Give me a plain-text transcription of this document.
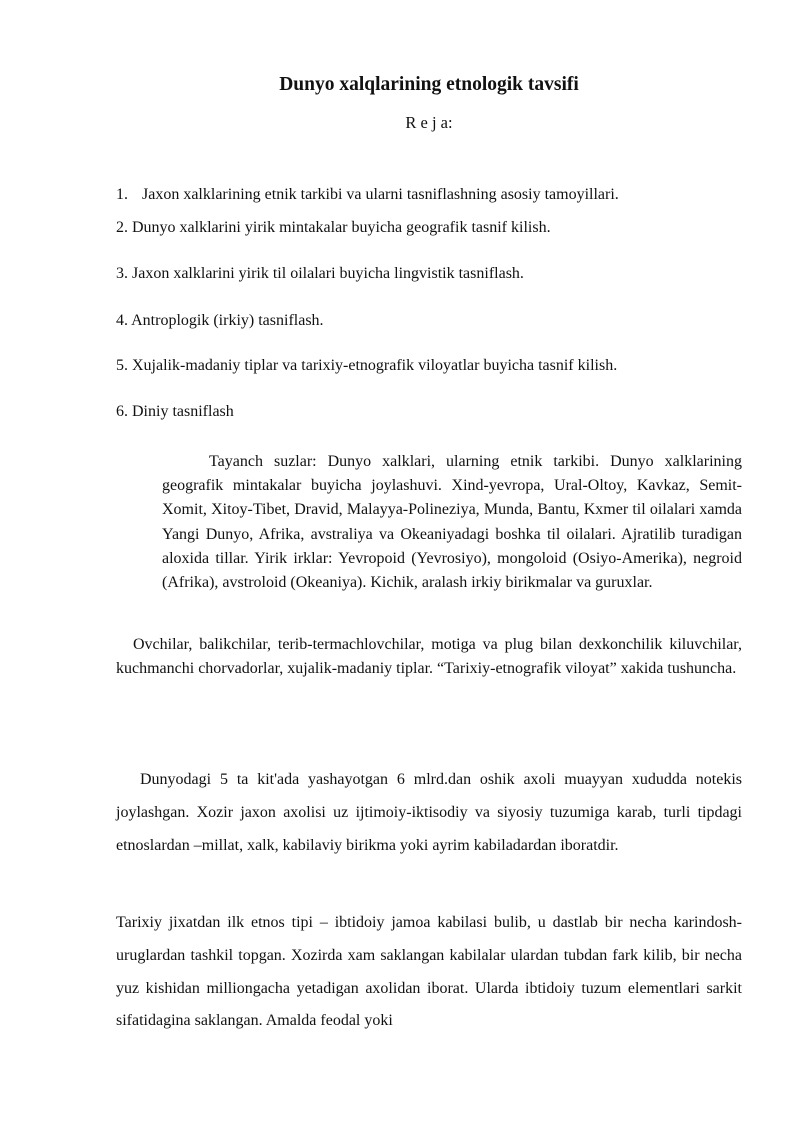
Dunyo xalqlarining etnologik tavsifi
R e j a:
1. Jaxon xalklarining etnik tarkibi va ularni tasniflashning asosiy tamoyillari.
2. Dunyo xalklarini yirik mintakalar buyicha geografik tasnif kilish.
3. Jaxon xalklarini yirik til oilalari buyicha lingvistik tasniflash.
4. Antroplogik (irkiy) tasniflash.
5. Xujalik-madaniy tiplar va tarixiy-etnografik viloyatlar buyicha tasnif kilish.
6. Diniy tasniflash
Tayanch suzlar: Dunyo xalklari, ularning etnik tarkibi. Dunyo xalklarining geografik mintakalar buyicha joylashuvi. Xind-yevropa, Ural-Oltoy, Kavkaz, Semit-Xomit, Xitoy-Tibet, Dravid, Malayya-Polineziya, Munda, Bantu, Kxmer til oilalari xamda Yangi Dunyo, Afrika, avstraliya va Okeaniyadagi boshka til oilalari. Ajratilib turadigan aloxida tillar. Yirik irklar: Yevropoid (Yevrosiyo), mongoloid (Osiyo-Amerika), negroid (Afrika), avstroloid (Okeaniya). Kichik, aralash irkiy birikmalar va guruxlar.
Ovchilar, balikchilar, terib-termachlovchilar, motiga va plug bilan dexkonchilik kiluvchilar, kuchmanchi chorvadorlar, xujalik-madaniy tiplar. “Tarixiy-etnografik viloyat” xakida tushuncha.
Dunyodagi 5 ta kit'ada yashayotgan 6 mlrd.dan oshik axoli muayyan xududda notekis joylashgan. Xozir jaxon axolisi uz ijtimoiy-iktisodiy va siyosiy tuzumiga karab, turli tipdagi etnoslardan –millat, xalk, kabilaviy birikma yoki ayrim kabiladardan iboratdir.
Tarixiy jixatdan ilk etnos tipi – ibtidoiy jamoa kabilasi bulib, u dastlab bir necha karindosh-uruglardan tashkil topgan. Xozirda xam saklangan kabilalar ulardan tubdan fark kilib, bir necha yuz kishidan milliongacha yetadigan axolidan iborat. Ularda ibtidoiy tuzum elementlari sarkit sifatidagina saklangan. Amalda feodal yoki
